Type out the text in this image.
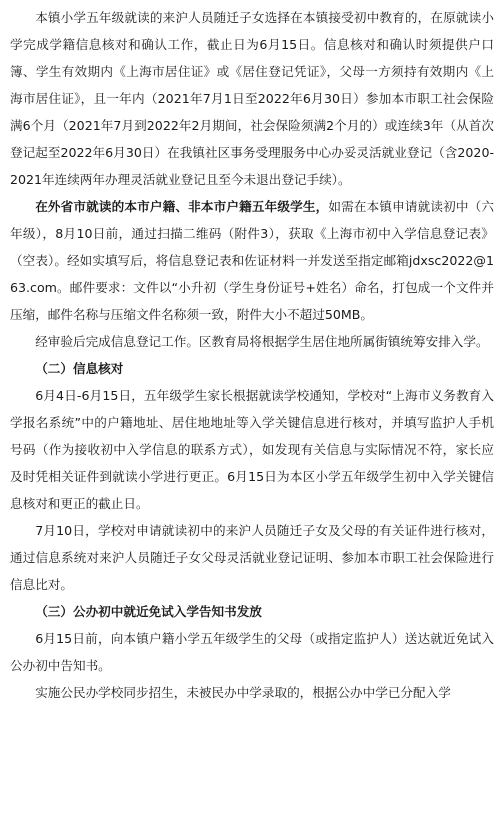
本镇小学五年级就读的来沪人员随迁子女选择在本镇接受初中教育的，在原就读小学完成学籍信息核对和确认工作，截止日为6月15日。信息核对和确认时须提供户口簿、学生有效期内《上海市居住证》或《居住登记凭证》，父母一方须持有效期内《上海市居住证》，且一年内（2021年7月1日至2022年6月30日）参加本市职工社会保险满6个月（2021年7月到2022年2月期间，社会保险须满2个月的）或连续3年（从首次登记起至2022年6月30日）在我镇社区事务受理服务中心办妥灵活就业登记（含2020-2021年连续两年办理灵活就业登记且至今未退出登记手续）。

在外省市就读的本市户籍、非本市户籍五年级学生，如需在本镇申请就读初中（六年级），8月10日前，通过扫描二维码（附件3），获取《上海市初中入学信息登记表》（空表）。经如实填写后，将信息登记表和佐证材料一并发送至指定邮箱jdxsc2022@163.com。邮件要求：文件以“小升初（学生身份证号+姓名）命名，打包成一个文件并压缩，邮件名称与压缩文件名称须一致，附件大小不超过50MB。

经审验后完成信息登记工作。区教育局将根据学生居住地所属街镇统筹安排入学。

（二）信息核对

6月4日-6月15日，五年级学生家长根据就读学校通知，学校对“上海市义务教育入学报名系统”中的户籍地址、居住地地址等入学关键信息进行核对，并填写监护人手机号码（作为接收初中入学信息的联系方式），如发现有关信息与实际情况不符，家长应及时凭相关证件到就读小学进行更正。6月15日为本区小学五年级学生初中入学关键信息核对和更正的截止日。

7月10日，学校对申请就读初中的来沪人员随迁子女及父母的有关证件进行核对，通过信息系统对来沪人员随迁子女父母灵活就业登记证明、参加本市职工社会保险进行信息比对。

（三）公办初中就近免试入学告知书发放

6月15日前，向本镇户籍小学五年级学生的父母（或指定监护人）送达就近免试入公办初中告知书。

实施公民办学校同步招生，未被民办中学录取的，根据公办中学已分配入学
